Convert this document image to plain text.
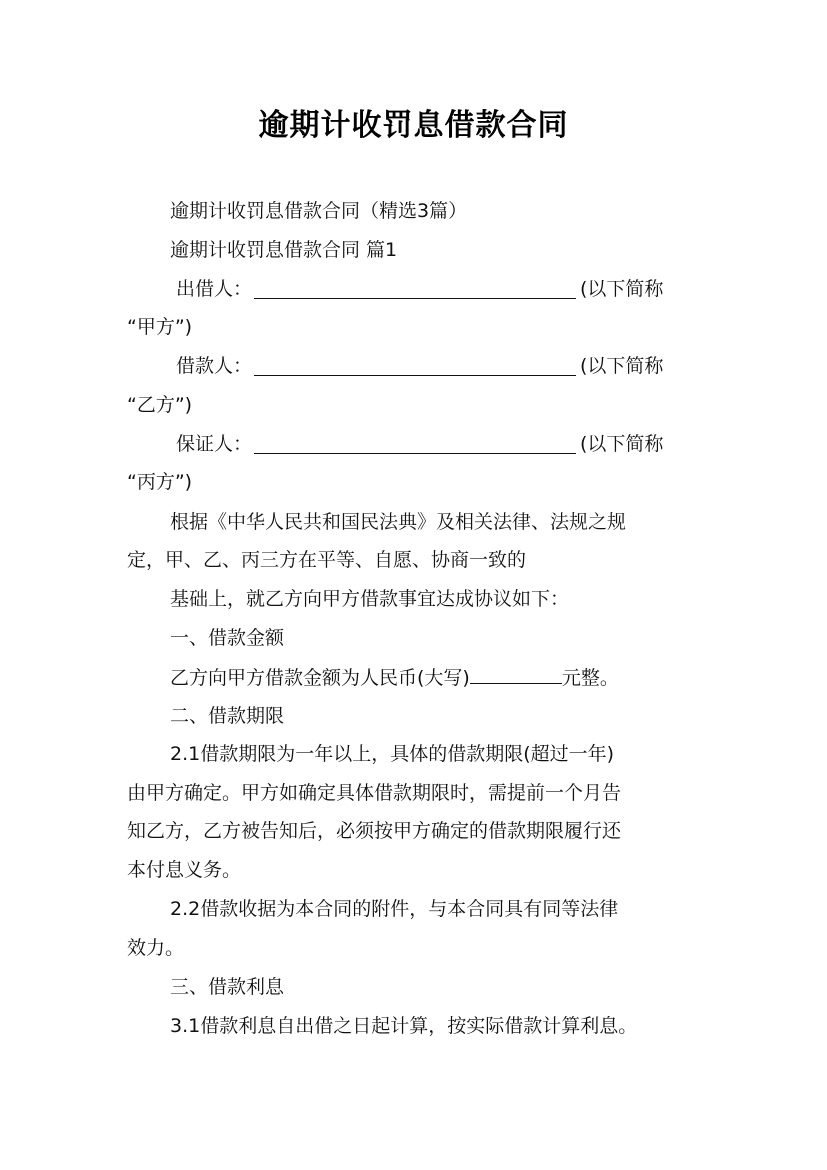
逾期计收罚息借款合同
逾期计收罚息借款合同（精选3篇）
逾期计收罚息借款合同 篇1
出借人：	(以下简称
“甲方”)
借款人：	(以下简称
“乙方”)
保证人：	(以下简称
“丙方”)
根据《中华人民共和国民法典》及相关法律、法规之规
定，甲、乙、丙三方在平等、自愿、协商一致的
基础上，就乙方向甲方借款事宜达成协议如下：
一、借款金额
乙方向甲方借款金额为人民币(大写)	元整。
二、借款期限
2.1借款期限为一年以上，具体的借款期限(超过一年)
由甲方确定。甲方如确定具体借款期限时，需提前一个月告
知乙方，乙方被告知后，必须按甲方确定的借款期限履行还
本付息义务。
2.2借款收据为本合同的附件，与本合同具有同等法律
效力。
三、借款利息
3.1借款利息自出借之日起计算，按实际借款计算利息。
